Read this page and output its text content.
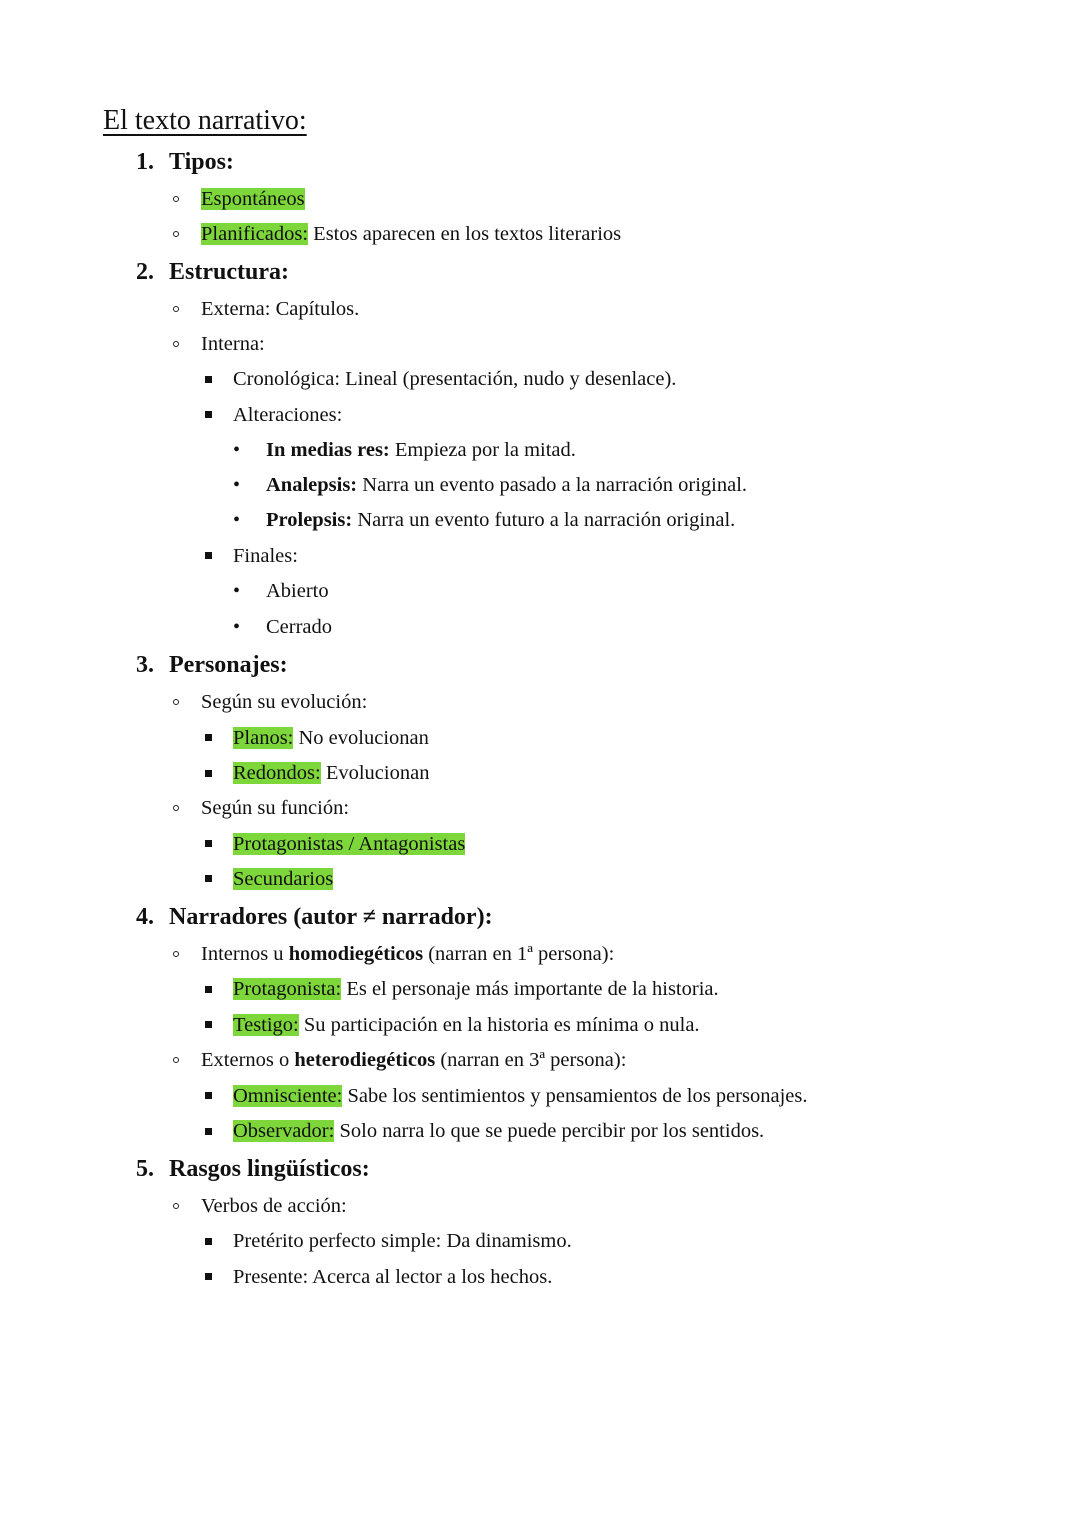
El texto narrativo:
1. Tipos:
Espontáneos
Planificados: Estos aparecen en los textos literarios
2. Estructura:
Externa: Capítulos.
Interna:
Cronológica: Lineal (presentación, nudo y desenlace).
Alteraciones:
• In medias res: Empieza por la mitad.
• Analepsis: Narra un evento pasado a la narración original.
• Prolepsis: Narra un evento futuro a la narración original.
Finales:
• Abierto
• Cerrado
3. Personajes:
Según su evolución:
Planos: No evolucionan
Redondos: Evolucionan
Según su función:
Protagonistas / Antagonistas
Secundarios
4. Narradores (autor ≠ narrador):
Internos u homodiegéticos (narran en 1ª persona):
Protagonista: Es el personaje más importante de la historia.
Testigo: Su participación en la historia es mínima o nula.
Externos o heterodiegéticos (narran en 3ª persona):
Omnisciente: Sabe los sentimientos y pensamientos de los personajes.
Observador: Solo narra lo que se puede percibir por los sentidos.
5. Rasgos lingüísticos:
Verbos de acción:
Pretérito perfecto simple: Da dinamismo.
Presente: Acerca al lector a los hechos.
